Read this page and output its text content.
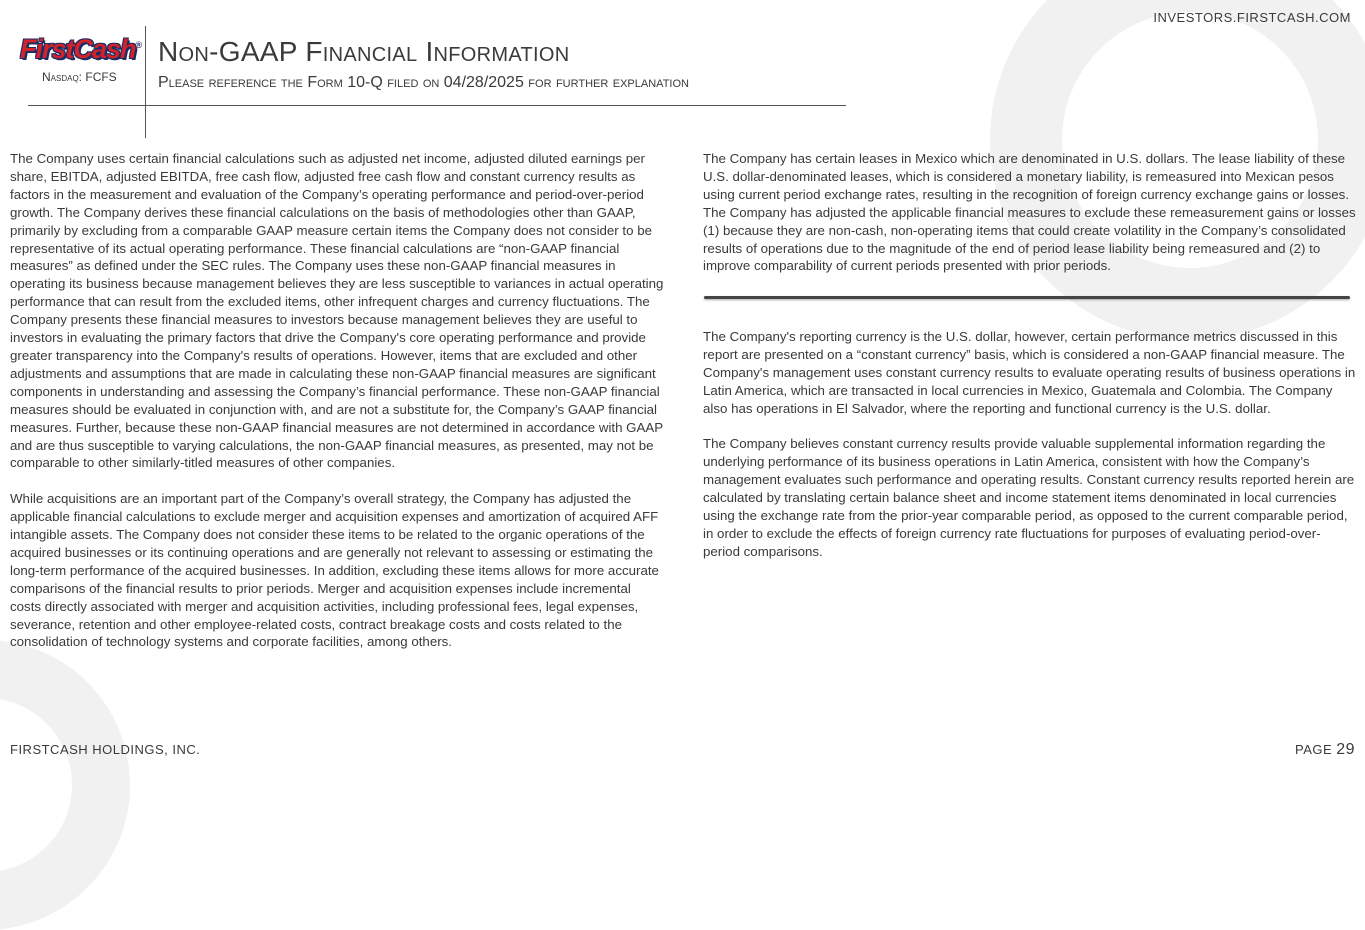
INVESTORS.FIRSTCASH.COM
FirstCash®
Nasdaq: FCFS
Non-GAAP Financial Information
Please reference the Form 10-Q filed on 04/28/2025 for further explanation

The Company uses certain financial calculations such as adjusted net income, adjusted diluted earnings per share, EBITDA, adjusted EBITDA, free cash flow, adjusted free cash flow and constant currency results as factors in the measurement and evaluation of the Company’s operating performance and period-over-period growth. The Company derives these financial calculations on the basis of methodologies other than GAAP, primarily by excluding from a comparable GAAP measure certain items the Company does not consider to be representative of its actual operating performance. These financial calculations are “non-GAAP financial measures” as defined under the SEC rules. The Company uses these non-GAAP financial measures in operating its business because management believes they are less susceptible to variances in actual operating performance that can result from the excluded items, other infrequent charges and currency fluctuations. The Company presents these financial measures to investors because management believes they are useful to investors in evaluating the primary factors that drive the Company's core operating performance and provide greater transparency into the Company's results of operations. However, items that are excluded and other adjustments and assumptions that are made in calculating these non-GAAP financial measures are significant components in understanding and assessing the Company’s financial performance. These non-GAAP financial measures should be evaluated in conjunction with, and are not a substitute for, the Company’s GAAP financial measures. Further, because these non-GAAP financial measures are not determined in accordance with GAAP and are thus susceptible to varying calculations, the non-GAAP financial measures, as presented, may not be comparable to other similarly-titled measures of other companies.

While acquisitions are an important part of the Company’s overall strategy, the Company has adjusted the applicable financial calculations to exclude merger and acquisition expenses and amortization of acquired AFF intangible assets. The Company does not consider these items to be related to the organic operations of the acquired businesses or its continuing operations and are generally not relevant to assessing or estimating the long-term performance of the acquired businesses. In addition, excluding these items allows for more accurate comparisons of the financial results to prior periods. Merger and acquisition expenses include incremental costs directly associated with merger and acquisition activities, including professional fees, legal expenses, severance, retention and other employee-related costs, contract breakage costs and costs related to the consolidation of technology systems and corporate facilities, among others.

The Company has certain leases in Mexico which are denominated in U.S. dollars. The lease liability of these U.S. dollar-denominated leases, which is considered a monetary liability, is remeasured into Mexican pesos using current period exchange rates, resulting in the recognition of foreign currency exchange gains or losses. The Company has adjusted the applicable financial measures to exclude these remeasurement gains or losses (1) because they are non-cash, non-operating items that could create volatility in the Company’s consolidated results of operations due to the magnitude of the end of period lease liability being remeasured and (2) to improve comparability of current periods presented with prior periods.

The Company's reporting currency is the U.S. dollar, however, certain performance metrics discussed in this report are presented on a “constant currency” basis, which is considered a non-GAAP financial measure. The Company's management uses constant currency results to evaluate operating results of business operations in Latin America, which are transacted in local currencies in Mexico, Guatemala and Colombia. The Company also has operations in El Salvador, where the reporting and functional currency is the U.S. dollar.

The Company believes constant currency results provide valuable supplemental information regarding the underlying performance of its business operations in Latin America, consistent with how the Company’s management evaluates such performance and operating results. Constant currency results reported herein are calculated by translating certain balance sheet and income statement items denominated in local currencies using the exchange rate from the prior-year comparable period, as opposed to the current comparable period, in order to exclude the effects of foreign currency rate fluctuations for purposes of evaluating period-over-period comparisons.

FIRSTCASH HOLDINGS, INC.	PAGE 29
